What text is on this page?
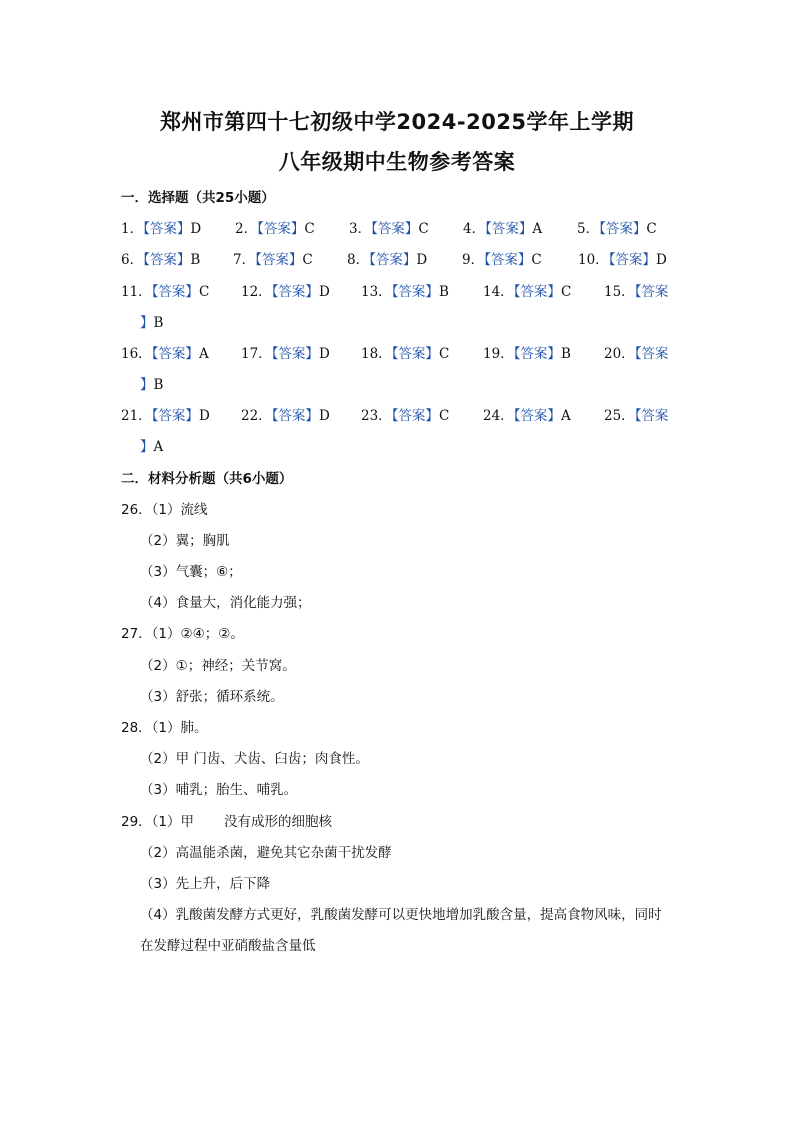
郑州市第四十七初级中学2024-2025学年上学期
八年级期中生物参考答案
一．选择题（共25小题）
1．【答案】D	2．【答案】C	3．【答案】C	4．【答案】A	5．【答案】C
6．【答案】B 7．【答案】C	8．【答案】D	9．【答案】C	10．【答案】D
11．【答案】C 12．【答案】D 13．【答案】B	14．【答案】C 15．【答案
】B
16．【答案】A 17．【答案】D 18．【答案】C 19．【答案】B 20．【答案
】B
21．【答案】D 22．【答案】D 23．【答案】C 24．【答案】A 25．【答案
】A
二．材料分析题（共6小题）
26．（1）流线
（2）翼；胸肌
（3）气囊；⑥；
（4）食量大，消化能力强；
27．（1）②④；②。
（2）①；神经；关节窝。
（3）舒张；循环系统。
28．（1）肺。
（2）甲 门齿、犬齿、臼齿；肉食性。
（3）哺乳；胎生、哺乳。
29．（1）甲 没有成形的细胞核
（2）高温能杀菌，避免其它杂菌干扰发酵
（3）先上升，后下降
（4）乳酸菌发酵方式更好，乳酸菌发酵可以更快地增加乳酸含量，提高食物风味，同时
在发酵过程中亚硝酸盐含量低
